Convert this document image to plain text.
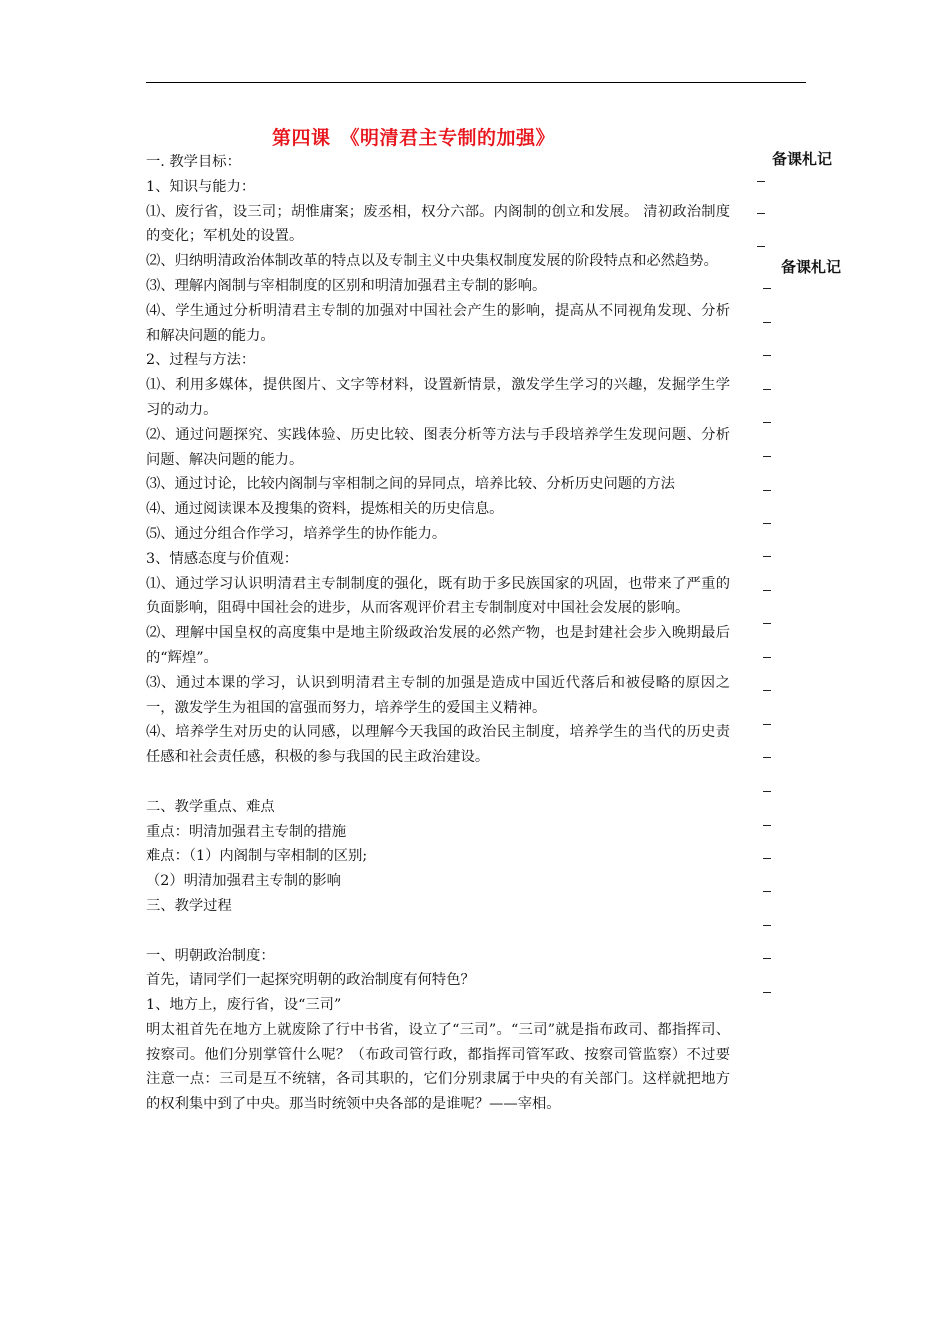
第四课　《明清君主专制的加强》
备课札记
备课札记
一. 教学目标：
1、知识与能力：
⑴、废行省，设三司；胡惟庸案；废丞相，权分六部。内阁制的创立和发展。 清初政治制度的变化；军机处的设置。
⑵、归纳明清政治体制改革的特点以及专制主义中央集权制度发展的阶段特点和必然趋势。
⑶、理解内阁制与宰相制度的区别和明清加强君主专制的影响。
⑷、学生通过分析明清君主专制的加强对中国社会产生的影响，提高从不同视角发现、分析和解决问题的能力。
2、过程与方法：
⑴、利用多媒体，提供图片、文字等材料，设置新情景，激发学生学习的兴趣，发掘学生学习的动力。
⑵、通过问题探究、实践体验、历史比较、图表分析等方法与手段培养学生发现问题、分析问题、解决问题的能力。
⑶、通过讨论，比较内阁制与宰相制之间的异同点，培养比较、分析历史问题的方法
⑷、通过阅读课本及搜集的资料，提炼相关的历史信息。
⑸、通过分组合作学习，培养学生的协作能力。
3、情感态度与价值观：
⑴、通过学习认识明清君主专制制度的强化，既有助于多民族国家的巩固，也带来了严重的负面影响，阻碍中国社会的进步，从而客观评价君主专制制度对中国社会发展的影响。
⑵、理解中国皇权的高度集中是地主阶级政治发展的必然产物，也是封建社会步入晚期最后的“辉煌”。
⑶、通过本课的学习，认识到明清君主专制的加强是造成中国近代落后和被侵略的原因之一，激发学生为祖国的富强而努力，培养学生的爱国主义精神。
⑷、培养学生对历史的认同感，以理解今天我国的政治民主制度，培养学生的当代的历史责任感和社会责任感，积极的参与我国的民主政治建设。
二、教学重点、难点
重点：明清加强君主专制的措施
难点：（1）内阁制与宰相制的区别;
（2）明清加强君主专制的影响
三、教学过程
一、明朝政治制度：
首先，请同学们一起探究明朝的政治制度有何特色？
1、地方上，废行省，设“三司”
明太祖首先在地方上就废除了行中书省，设立了“三司”。“三司”就是指布政司、都指挥司、按察司。他们分别掌管什么呢？（布政司管行政，都指挥司管军政、按察司管监察）不过要注意一点：三司是互不统辖，各司其职的，它们分别隶属于中央的有关部门。这样就把地方的权利集中到了中央。那当时统领中央各部的是谁呢？——宰相。
